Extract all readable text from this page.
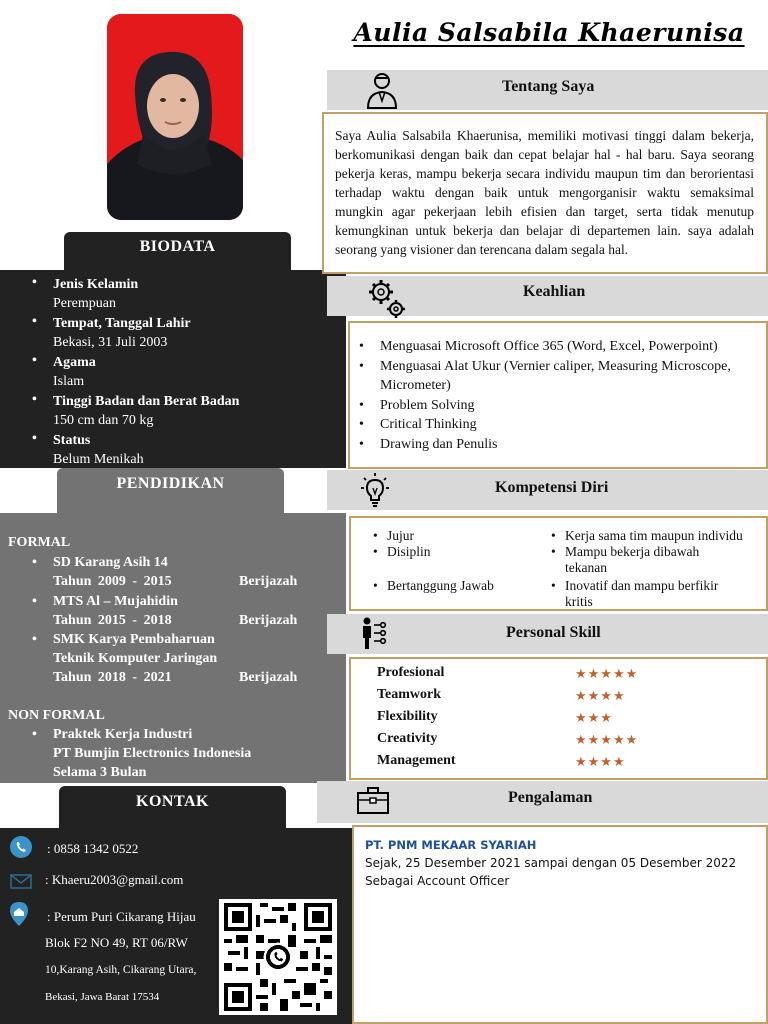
BIODATA
• Jenis Kelamin
Perempuan
• Tempat, Tanggal Lahir
Bekasi, 31 Juli 2003
• Agama
Islam
• Tinggi Badan dan Berat Badan
150 cm dan 70 kg
• Status
Belum Menikah
PENDIDIKAN
FORMAL
• SD Karang Asih 14
Tahun 2009 - 2015	Berijazah
• MTS Al – Mujahidin
Tahun 2015 - 2018	Berijazah
• SMK Karya Pembaharuan
Teknik Komputer Jaringan
Tahun 2018 - 2021	Berijazah
NON FORMAL
• Praktek Kerja Industri
PT Bumjin Electronics Indonesia
Selama 3 Bulan
KONTAK
: 0858 1342 0522
: Khaeru2003@gmail.com
: Perum Puri Cikarang Hijau
Blok F2 NO 49, RT 06/RW
10,Karang Asih, Cikarang Utara,
Bekasi, Jawa Barat 17534
Aulia Salsabila Khaerunisa
Tentang Saya

Saya Aulia Salsabila Khaerunisa, memiliki motivasi tinggi dalam bekerja, berkomunikasi dengan baik dan cepat belajar hal - hal baru. Saya seorang pekerja keras, mampu bekerja secara individu maupun tim dan berorientasi terhadap waktu dengan baik untuk mengorganisir waktu semaksimal mungkin agar pekerjaan lebih efisien dan target, serta tidak menutup kemungkinan untuk bekerja dan belajar di departemen lain. saya adalah seorang yang visioner dan terencana dalam segala hal.

Keahlian
• Menguasai Microsoft Office 365 (Word, Excel, Powerpoint)
• Menguasai Alat Ukur (Vernier caliper, Measuring Microscope, Micrometer)
• Problem Solving
• Critical Thinking
• Drawing dan Penulis
Kompetensi Diri
• Jujur
• Disiplin
• Bertanggung Jawab
• Kerja sama tim maupun individu
• Mampu bekerja dibawah tekanan
• Inovatif dan mampu berfikir kritis
Personal Skill
Profesional	★★★★★
Teamwork	★★★★
Flexibility	★★★
Creativity	★★★★★
Management	★★★★
Pengalaman
PT. PNM MEKAAR SYARIAH
Sejak, 25 Desember 2021 sampai dengan 05 Desember 2022
Sebagai Account Officer
